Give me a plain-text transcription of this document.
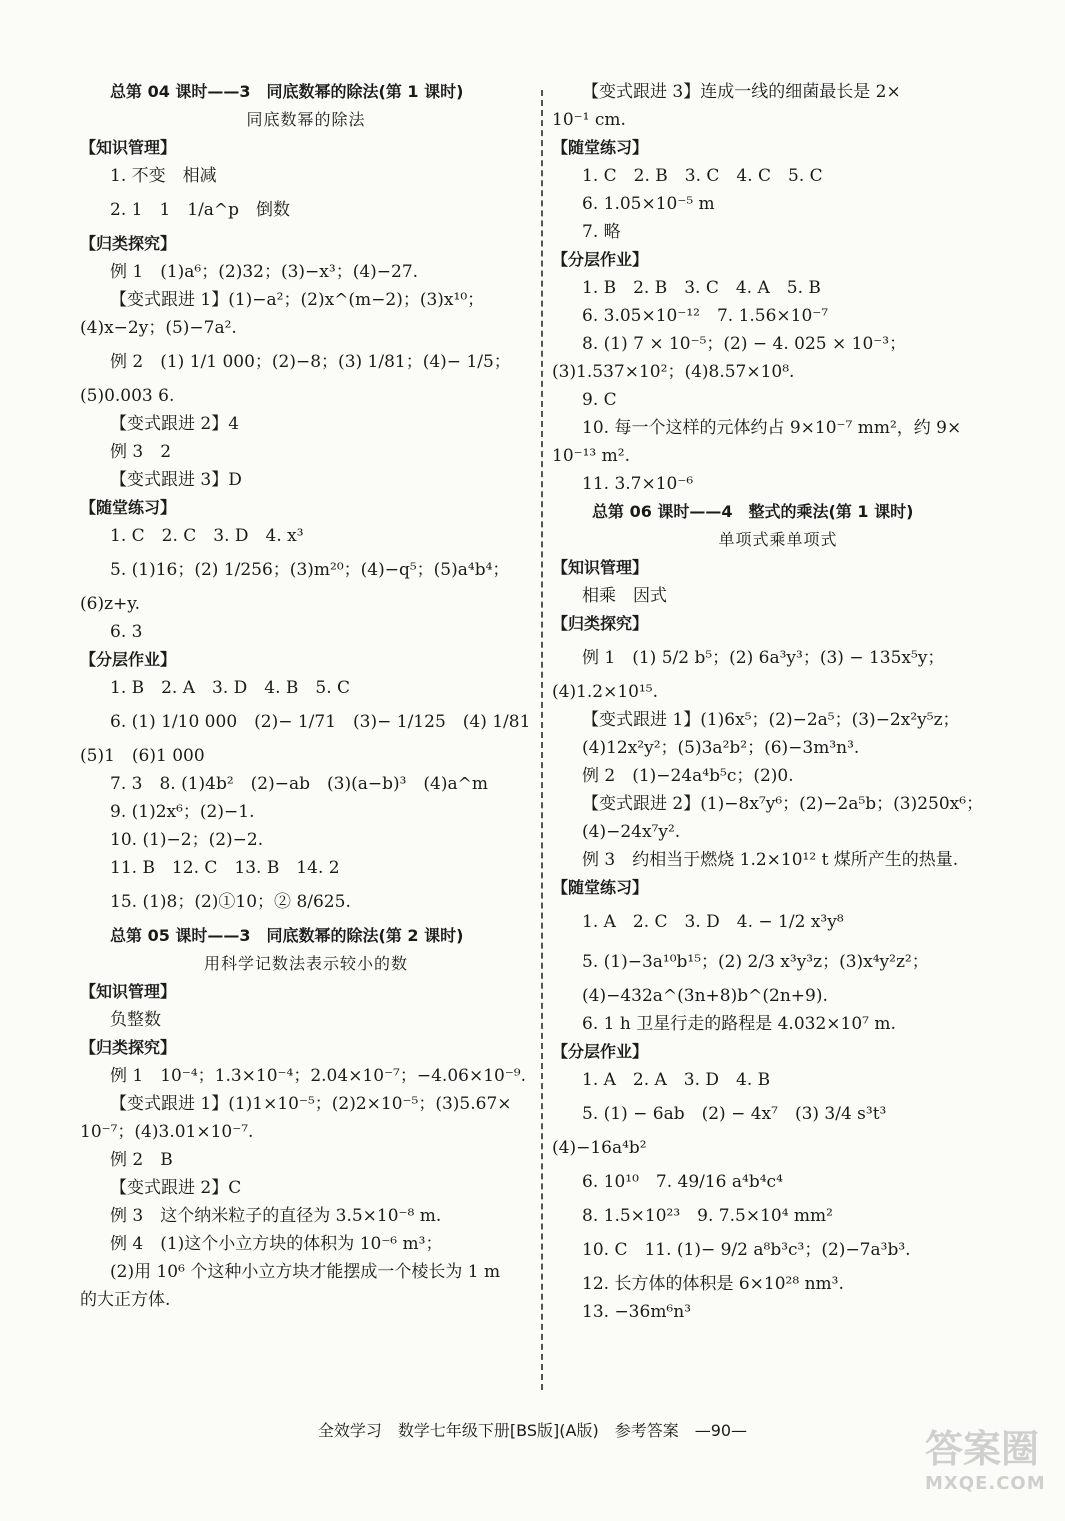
总第 04 课时——3　同底数幂的除法(第 1 课时)
同底数幂的除法
【知识管理】
1. 不变　相减
2. 1　1　1/a^p　倒数
【归类探究】
例 1　(1)a⁶；(2)32；(3)−x³；(4)−27.
【变式跟进 1】(1)−a²；(2)x^(m−2)；(3)x¹⁰；
(4)x−2y；(5)−7a².
例 2　(1) 1/1 000；(2)−8；(3) 1/81；(4)− 1/5；
(5)0.003 6.
【变式跟进 2】4
例 3　2
【变式跟进 3】D
【随堂练习】
1. C　2. C　3. D　4. x³
5. (1)16；(2) 1/256；(3)m²⁰；(4)−q⁵；(5)a⁴b⁴；
(6)z+y.
6. 3
【分层作业】
1. B　2. A　3. D　4. B　5. C
6. (1) 1/10 000　(2)− 1/71　(3)− 1/125　(4) 1/81
(5)1　(6)1 000
7. 3　8. (1)4b²　(2)−ab　(3)(a−b)³　(4)a^m
9. (1)2x⁶；(2)−1.
10. (1)−2；(2)−2.
11. B　12. C　13. B　14. 2
15. (1)8；(2)①10；② 8/625.
总第 05 课时——3　同底数幂的除法(第 2 课时)
用科学记数法表示较小的数
【知识管理】
负整数
【归类探究】
例 1　10⁻⁴；1.3×10⁻⁴；2.04×10⁻⁷；−4.06×10⁻⁹.
【变式跟进 1】(1)1×10⁻⁵；(2)2×10⁻⁵；(3)5.67×
10⁻⁷；(4)3.01×10⁻⁷.
例 2　B
【变式跟进 2】C
例 3　这个纳米粒子的直径为 3.5×10⁻⁸ m.
例 4　(1)这个小立方块的体积为 10⁻⁶ m³；
(2)用 10⁶ 个这种小立方块才能摆成一个棱长为 1 m
的大正方体.
【变式跟进 3】连成一线的细菌最长是 2×
10⁻¹ cm.
【随堂练习】
1. C　2. B　3. C　4. C　5. C
6. 1.05×10⁻⁵ m
7. 略
【分层作业】
1. B　2. B　3. C　4. A　5. B
6. 3.05×10⁻¹²　7. 1.56×10⁻⁷
8. (1) 7 × 10⁻⁵；(2) − 4. 025 × 10⁻³；
(3)1.537×10²；(4)8.57×10⁸.
9. C
10. 每一个这样的元体约占 9×10⁻⁷ mm²，约 9×
10⁻¹³ m².
11. 3.7×10⁻⁶
总第 06 课时——4　整式的乘法(第 1 课时)
单项式乘单项式
【知识管理】
相乘　因式
【归类探究】
例 1　(1) 5/2 b⁵；(2) 6a³y³；(3) − 135x⁵y；
(4)1.2×10¹⁵.
【变式跟进 1】(1)6x⁵；(2)−2a⁵；(3)−2x²y⁵z；
(4)12x²y²；(5)3a²b²；(6)−3m³n³.
例 2　(1)−24a⁴b⁵c；(2)0.
【变式跟进 2】(1)−8x⁷y⁶；(2)−2a⁵b；(3)250x⁶；
(4)−24x⁷y².
例 3　约相当于燃烧 1.2×10¹² t 煤所产生的热量.
【随堂练习】
1. A　2. C　3. D　4. − 1/2 x³y⁸
5. (1)−3a¹⁰b¹⁵；(2) 2/3 x³y³z；(3)x⁴y²z²；
(4)−432a^(3n+8)b^(2n+9).
6. 1 h 卫星行走的路程是 4.032×10⁷ m.
【分层作业】
1. A　2. A　3. D　4. B
5. (1) − 6ab　(2) − 4x⁷　(3) 3/4 s³t³
(4)−16a⁴b²
6. 10¹⁰　7. 49/16 a⁴b⁴c⁴
8. 1.5×10²³　9. 7.5×10⁴ mm²
10. C　11. (1)− 9/2 a⁸b³c³；(2)−7a³b³.
12. 长方体的体积是 6×10²⁸ nm³.
13. −36m⁶n³
全效学习　数学七年级下册[BS版](A版)　参考答案　—90—	答案圈
MXQE.COM
